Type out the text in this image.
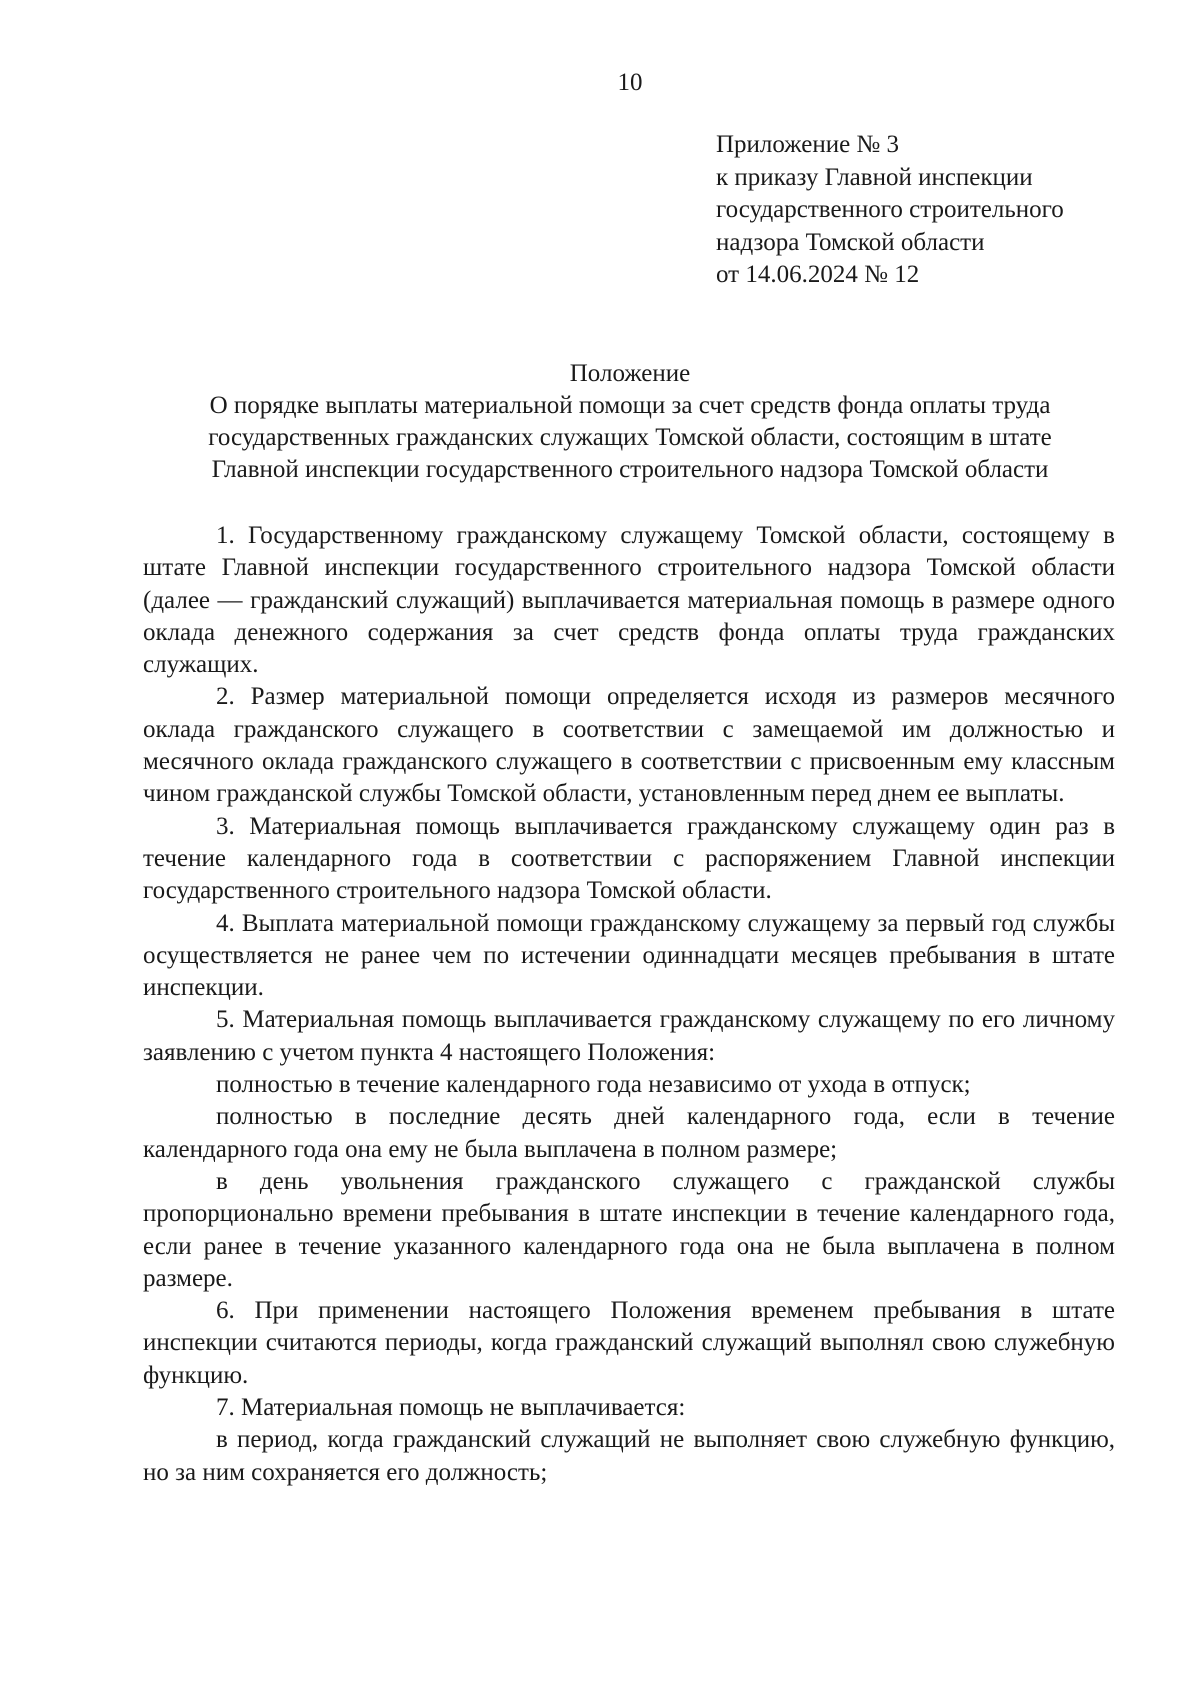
10
Приложение № 3
к приказу Главной инспекции
государственного строительного
надзора Томской области
от 14.06.2024 № 12
Положение
О порядке выплаты материальной помощи за счет средств фонда оплаты труда
государственных гражданских служащих Томской области, состоящим в штате
Главной инспекции государственного строительного надзора Томской области

1. Государственному гражданскому служащему Томской области, состоящему в штате Главной инспекции государственного строительного надзора Томской области (далее — гражданский служащий) выплачивается материальная помощь в размере одного оклада денежного содержания за счет средств фонда оплаты труда гражданских служащих.

2. Размер материальной помощи определяется исходя из размеров месячного оклада гражданского служащего в соответствии с замещаемой им должностью и месячного оклада гражданского служащего в соответствии с присвоенным ему классным чином гражданской службы Томской области, установленным перед днем ее выплаты.

3. Материальная помощь выплачивается гражданскому служащему один раз в течение календарного года в соответствии с распоряжением Главной инспекции государственного строительного надзора Томской области.

4. Выплата материальной помощи гражданскому служащему за первый год службы осуществляется не ранее чем по истечении одиннадцати месяцев пребывания в штате инспекции.

5. Материальная помощь выплачивается гражданскому служащему по его личному заявлению с учетом пункта 4 настоящего Положения:

полностью в течение календарного года независимо от ухода в отпуск;

полностью в последние десять дней календарного года, если в течение календарного года она ему не была выплачена в полном размере;

в день увольнения гражданского служащего с гражданской службы пропорционально времени пребывания в штате инспекции в течение календарного года, если ранее в течение указанного календарного года она не была выплачена в полном размере.

6. При применении настоящего Положения временем пребывания в штате инспекции считаются периоды, когда гражданский служащий выполнял свою служебную функцию.

7. Материальная помощь не выплачивается:

в период, когда гражданский служащий не выполняет свою служебную функцию, но за ним сохраняется его должность;
